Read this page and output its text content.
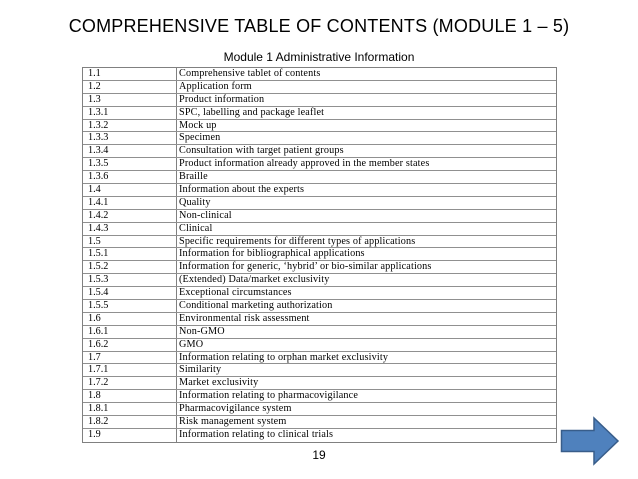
COMPREHENSIVE TABLE OF CONTENTS (MODULE 1 – 5)
Module 1 Administrative Information
1.1	Comprehensive tablet of contents
1.2	Application form
1.3	Product information
1.3.1	SPC, labelling and package leaflet
1.3.2	Mock up
1.3.3	Specimen
1.3.4	Consultation with target patient groups
1.3.5	Product information already approved in the member states
1.3.6	Braille
1.4	Information about the experts
1.4.1	Quality
1.4.2	Non-clinical
1.4.3	Clinical
1.5	Specific requirements for different types of applications
1.5.1	Information for bibliographical applications
1.5.2	Information for generic, ‘hybrid’ or bio-similar applications
1.5.3	(Extended) Data/market exclusivity
1.5.4	Exceptional circumstances
1.5.5	Conditional marketing authorization
1.6	Environmental risk assessment
1.6.1	Non-GMO
1.6.2	GMO
1.7	Information relating to orphan market exclusivity
1.7.1	Similarity
1.7.2	Market exclusivity
1.8	Information relating to pharmacovigilance
1.8.1	Pharmacovigilance system
1.8.2	Risk management system
1.9	Information relating to clinical trials
19
